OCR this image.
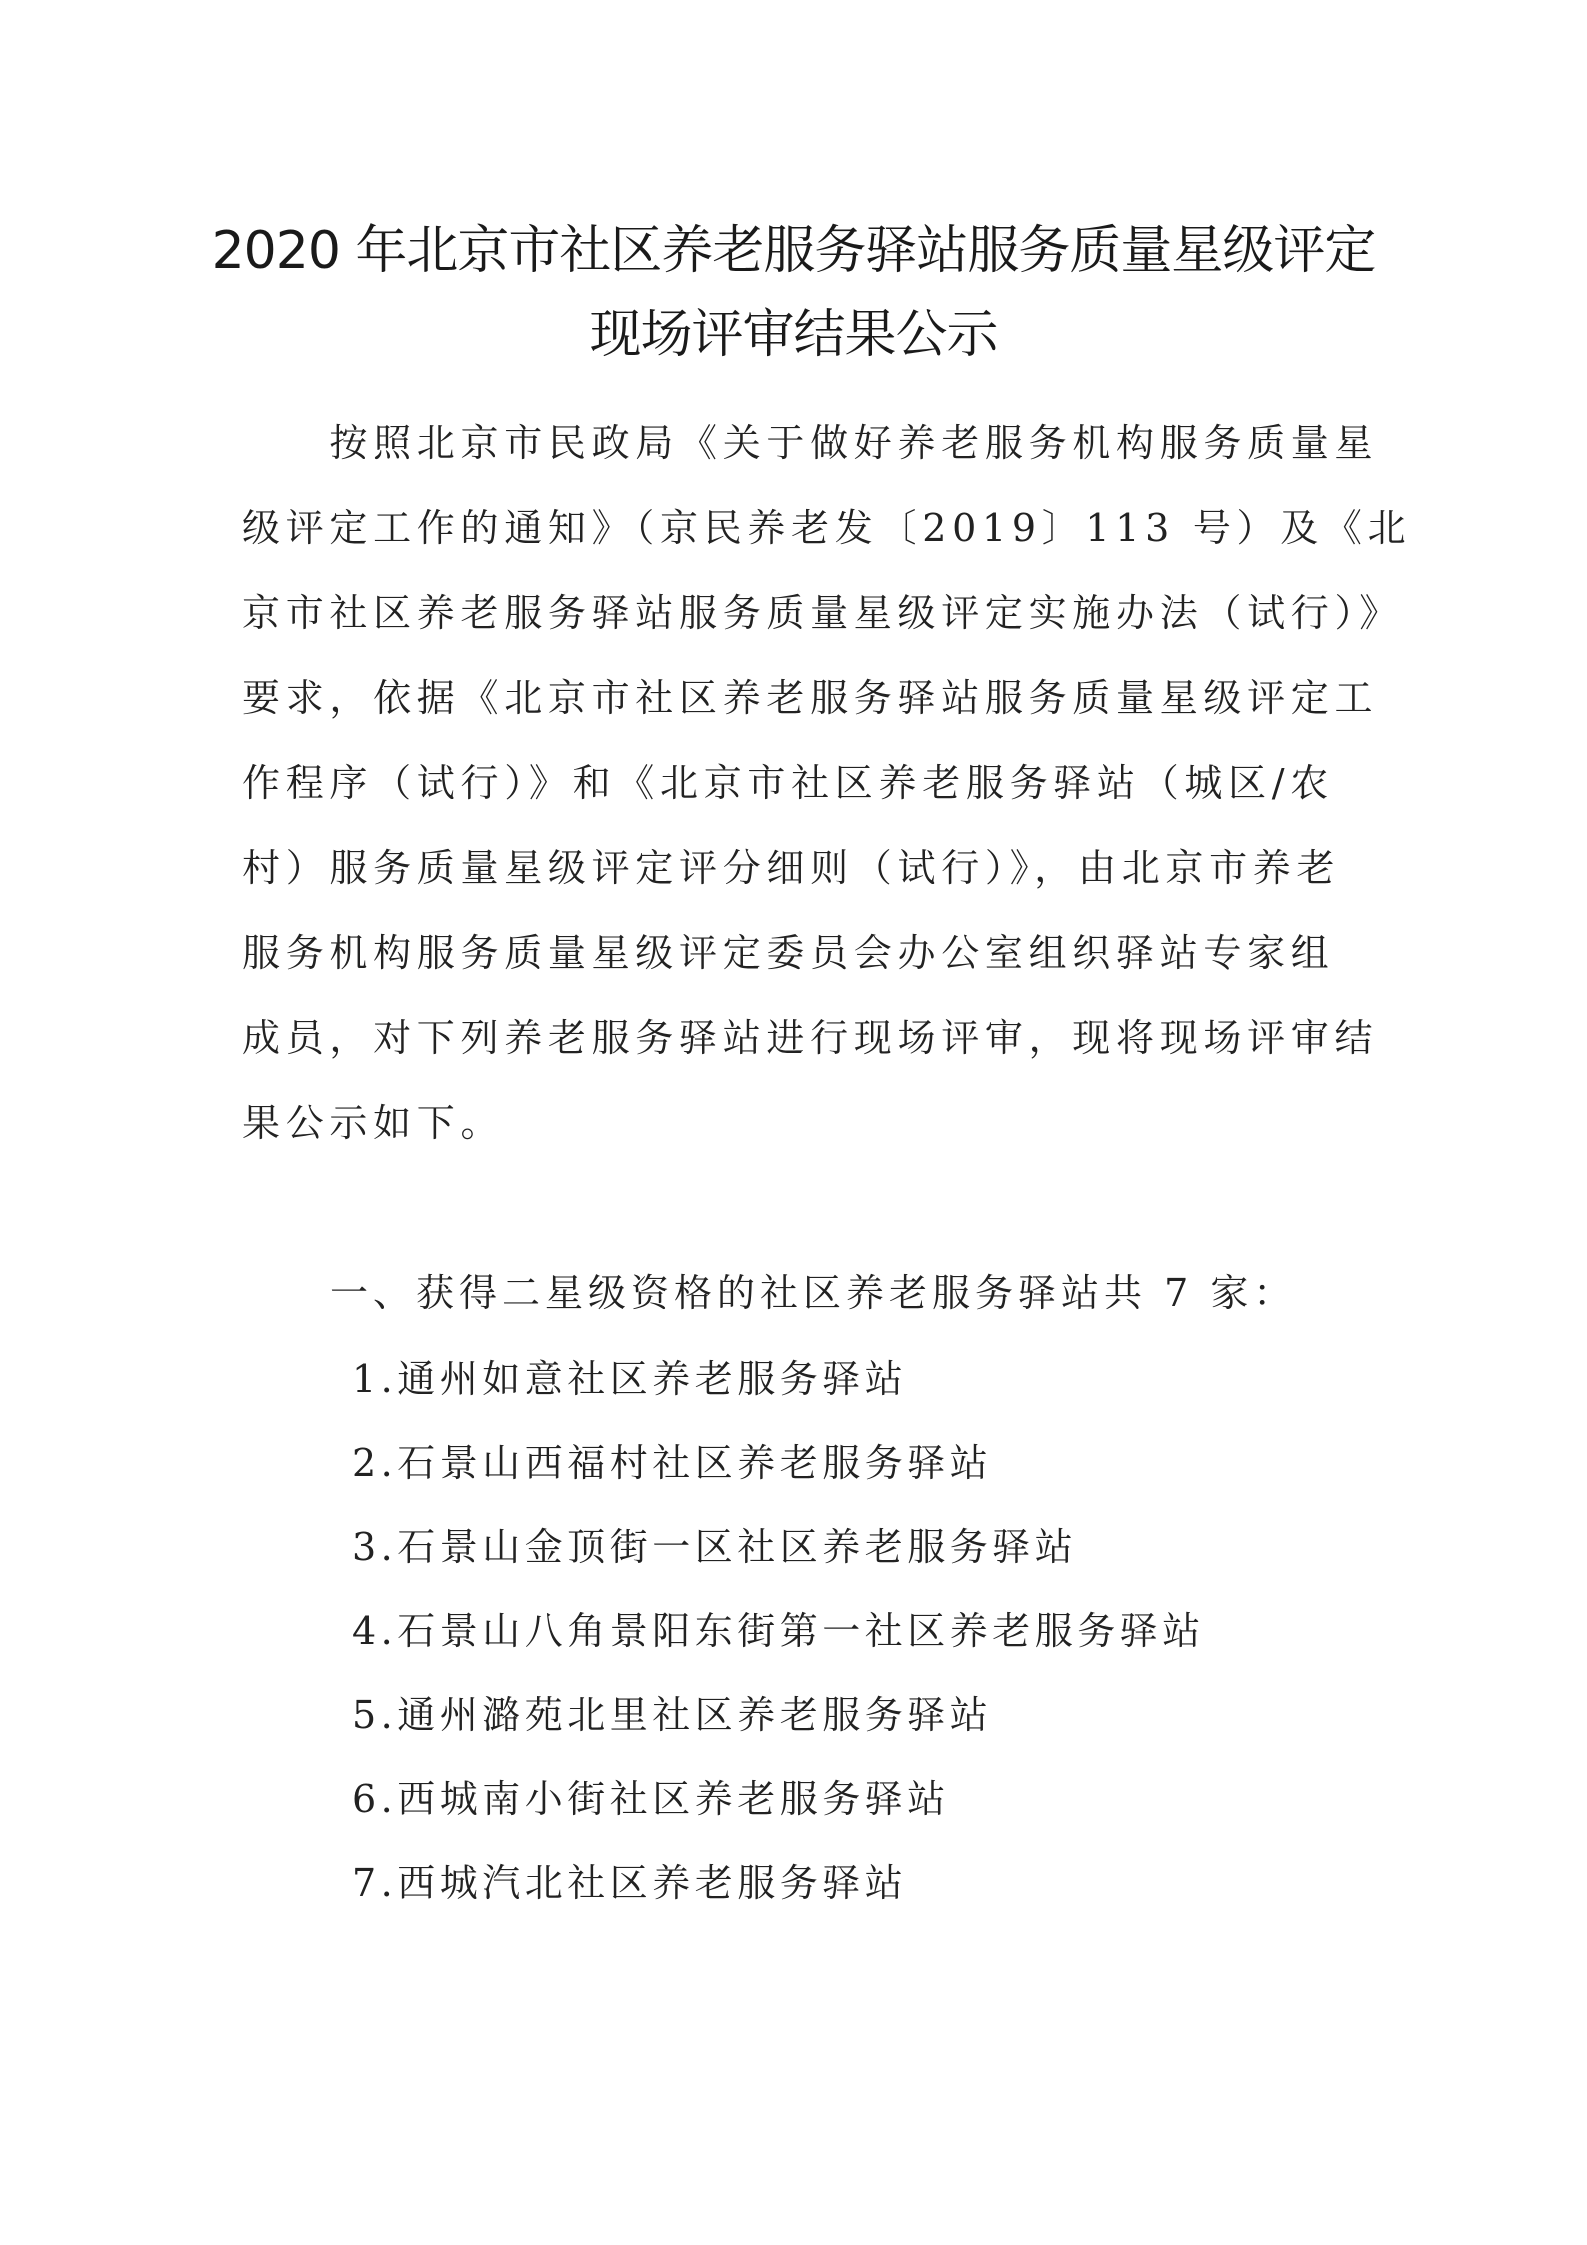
2020 年北京市社区养老服务驿站服务质量星级评定
现场评审结果公示
　　按照北京市民政局《关于做好养老服务机构服务质量星
级评定工作的通知》（京民养老发〔2019〕113 号）及《北
京市社区养老服务驿站服务质量星级评定实施办法（试行）》
要求，依据《北京市社区养老服务驿站服务质量星级评定工
作程序（试行）》和《北京市社区养老服务驿站（城区/农
村）服务质量星级评定评分细则（试行）》，由北京市养老
服务机构服务质量星级评定委员会办公室组织驿站专家组
成员，对下列养老服务驿站进行现场评审，现将现场评审结
果公示如下。
一、获得二星级资格的社区养老服务驿站共 7 家：
1.通州如意社区养老服务驿站
2.石景山西福村社区养老服务驿站
3.石景山金顶街一区社区养老服务驿站
4.石景山八角景阳东街第一社区养老服务驿站
5.通州潞苑北里社区养老服务驿站
6.西城南小街社区养老服务驿站
7.西城汽北社区养老服务驿站
